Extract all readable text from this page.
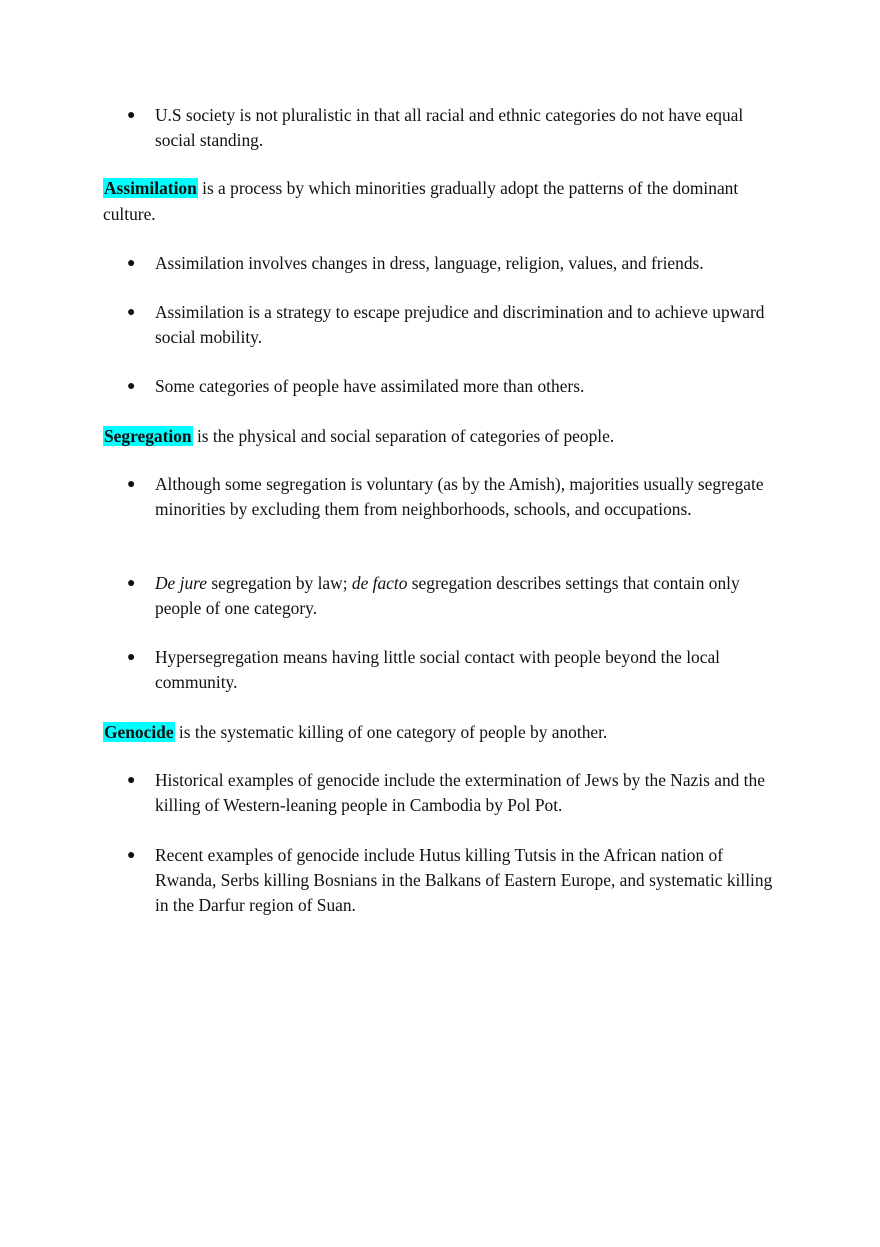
● U.S society is not pluralistic in that all racial and ethnic categories do not have equal social standing.

Assimilation is a process by which minorities gradually adopt the patterns of the dominant culture.

● Assimilation involves changes in dress, language, religion, values, and friends.

● Assimilation is a strategy to escape prejudice and discrimination and to achieve upward social mobility.

● Some categories of people have assimilated more than others.

Segregation is the physical and social separation of categories of people.

● Although some segregation is voluntary (as by the Amish), majorities usually segregate minorities by excluding them from neighborhoods, schools, and occupations.

● De jure segregation by law; de facto segregation describes settings that contain only people of one category.

● Hypersegregation means having little social contact with people beyond the local community.

Genocide is the systematic killing of one category of people by another.

● Historical examples of genocide include the extermination of Jews by the Nazis and the killing of Western-leaning people in Cambodia by Pol Pot.

● Recent examples of genocide include Hutus killing Tutsis in the African nation of Rwanda, Serbs killing Bosnians in the Balkans of Eastern Europe, and systematic killing in the Darfur region of Suan.
